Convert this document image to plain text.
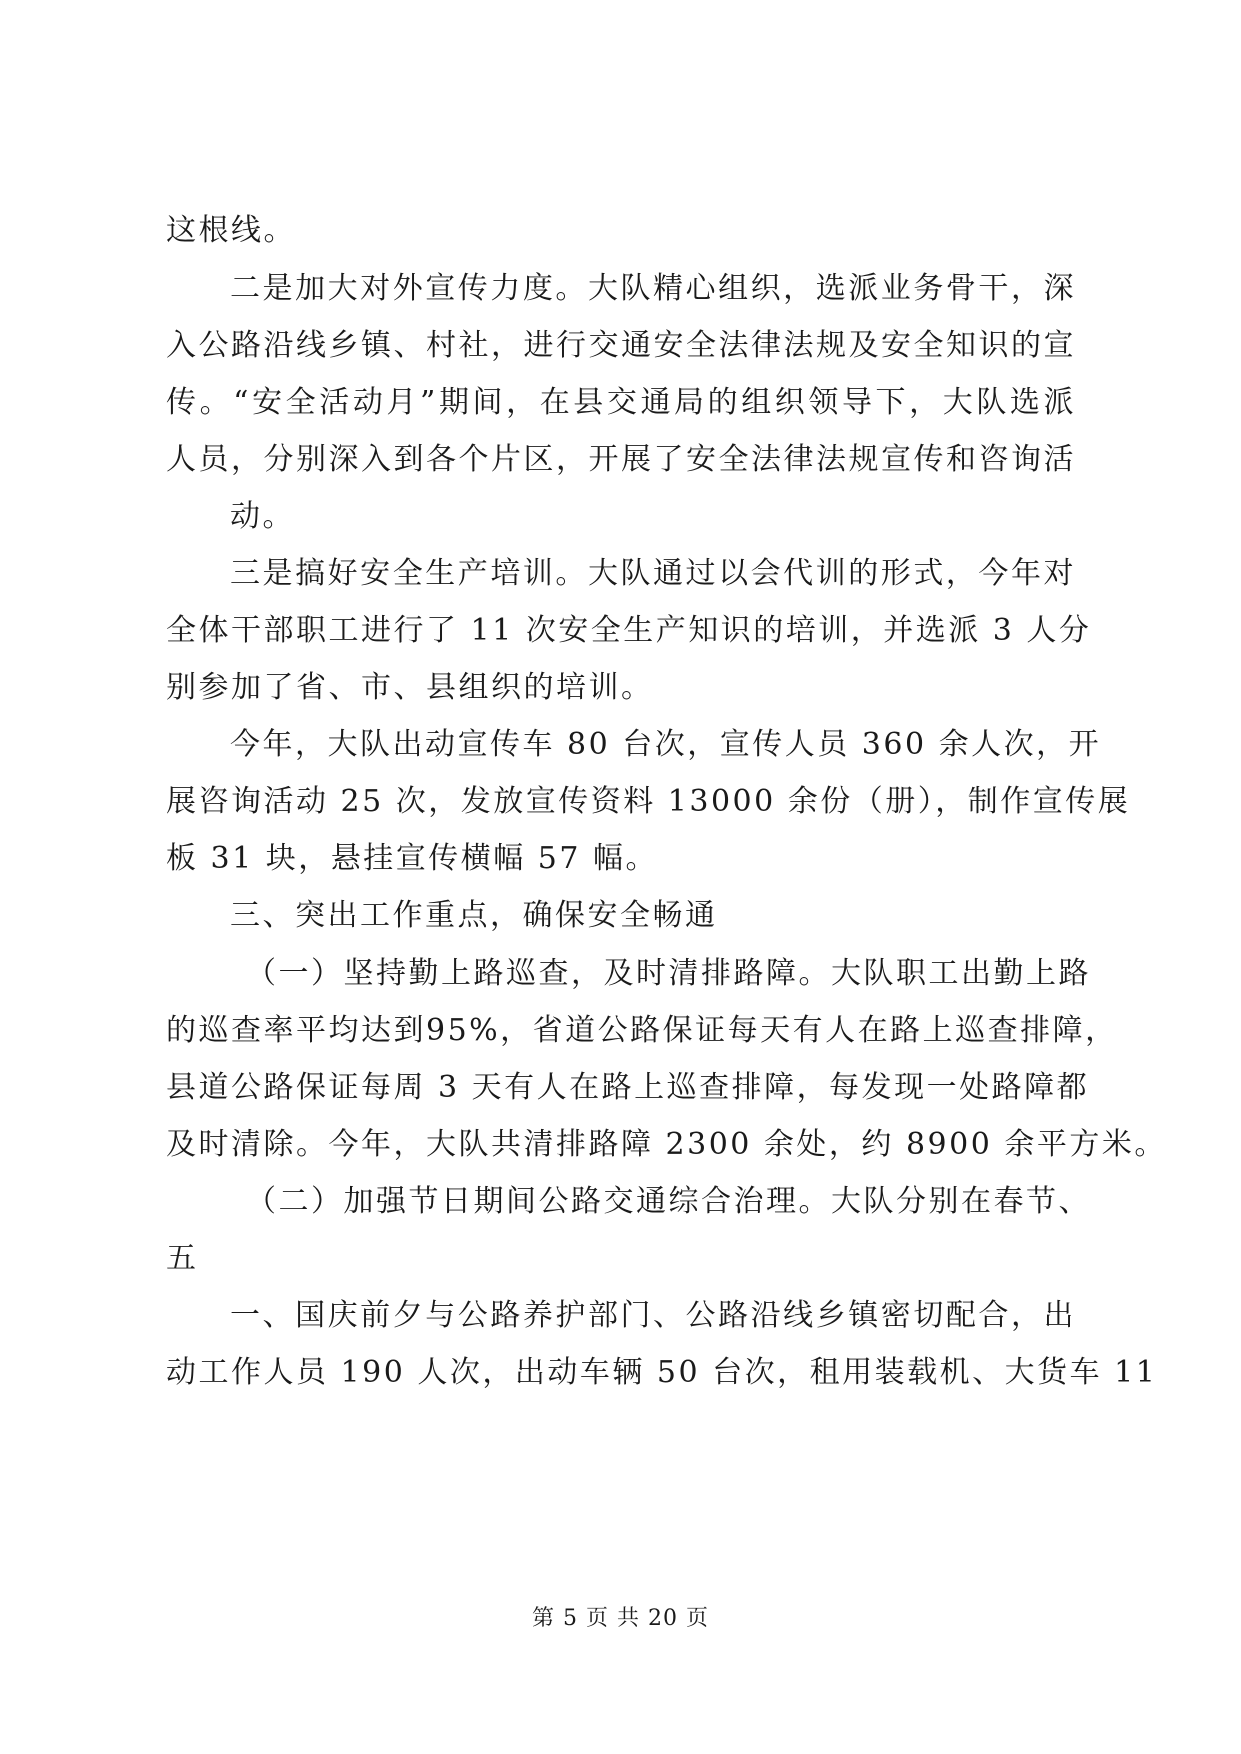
这根线。
二是加大对外宣传力度。大队精心组织，选派业务骨干，深
入公路沿线乡镇、村社，进行交通安全法律法规及安全知识的宣
传。“安全活动月”期间，在县交通局的组织领导下，大队选派
人员，分别深入到各个片区，开展了安全法律法规宣传和咨询活
动。
三是搞好安全生产培训。大队通过以会代训的形式，今年对
全体干部职工进行了 11 次安全生产知识的培训，并选派 3 人分
别参加了省、市、县组织的培训。
今年，大队出动宣传车 80 台次，宣传人员 360 余人次，开
展咨询活动 25 次，发放宣传资料 13000 余份（册），制作宣传展
板 31 块，悬挂宣传横幅 57 幅。
三、突出工作重点，确保安全畅通
（一）坚持勤上路巡查，及时清排路障。大队职工出勤上路
的巡查率平均达到95%，省道公路保证每天有人在路上巡查排障，
县道公路保证每周 3 天有人在路上巡查排障，每发现一处路障都
及时清除。今年，大队共清排路障 2300 余处，约 8900 余平方米。
（二）加强节日期间公路交通综合治理。大队分别在春节、
五
一、国庆前夕与公路养护部门、公路沿线乡镇密切配合，出
动工作人员 190 人次，出动车辆 50 台次，租用装载机、大货车 11
第 5 页 共 20 页
